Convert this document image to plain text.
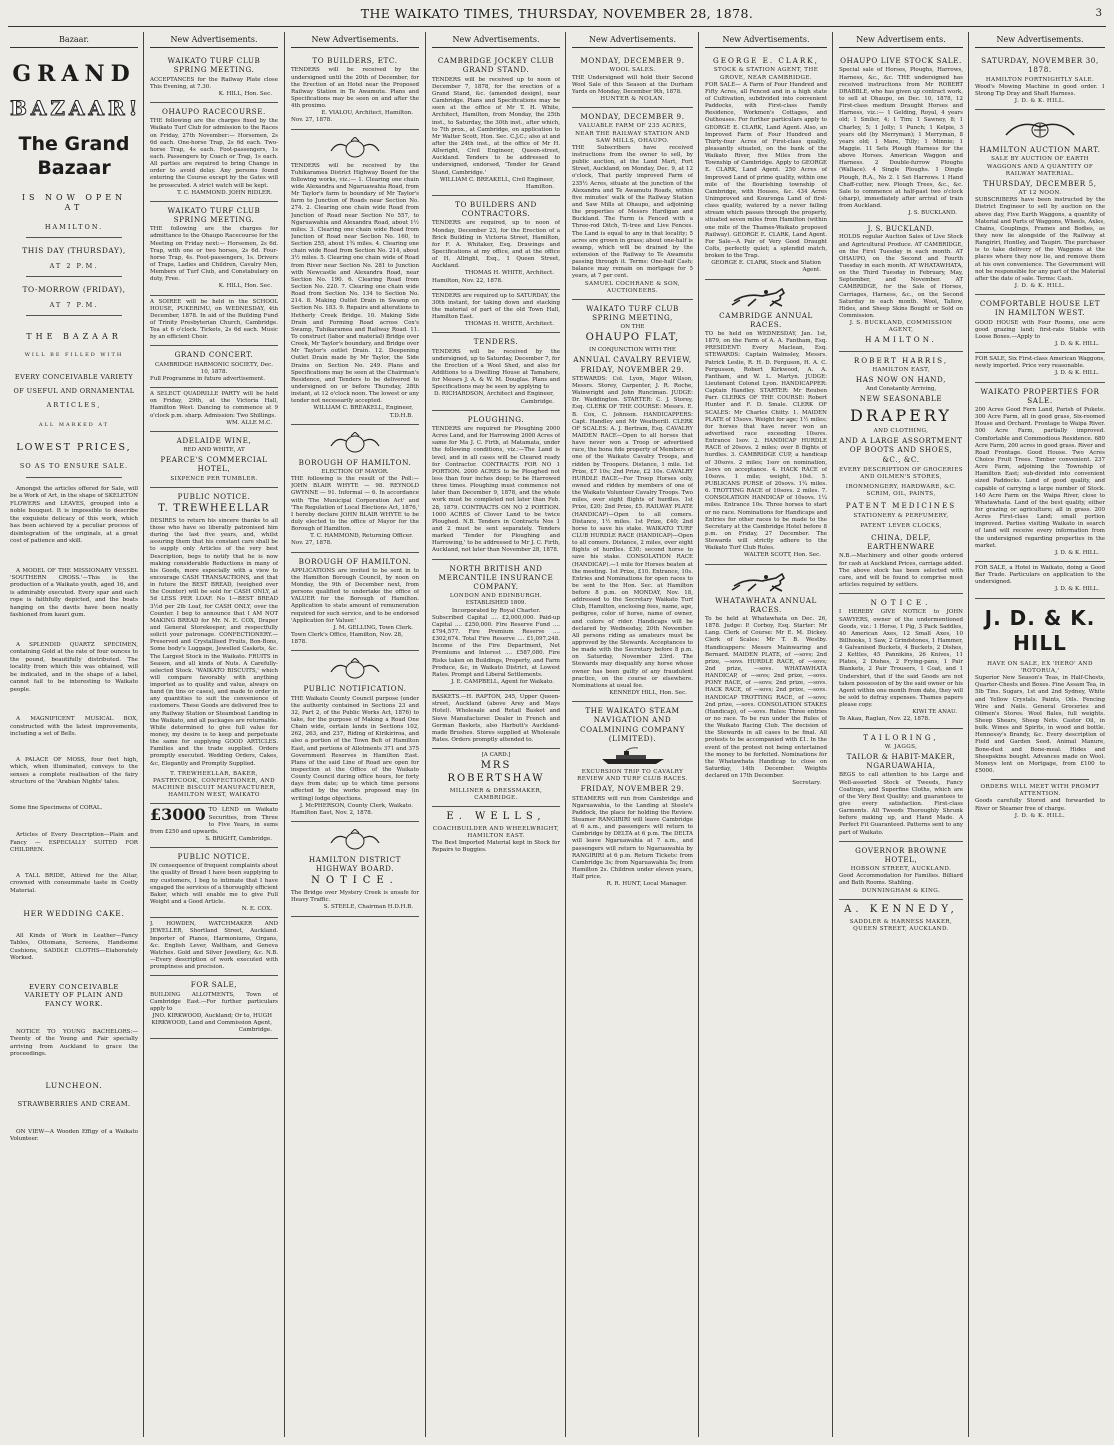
THE WAIKATO TIMES, THURSDAY, NOVEMBER 28, 1878.	3
Bazaar.
GRAND
BAZAAR!
The Grand Bazaar
IS NOW OPEN AT
HAMILTON.
THIS DAY (THURSDAY),
AT 2 P.M.
TO-MORROW (FRIDAY),
AT 7 P.M.
THE BAZAAR
WILL BE FILLED WITH
EVERY CONCEIVABLE VARIETY
OF USEFUL AND ORNAMENTAL
ARTICLES,
ALL MARKED AT
LOWEST PRICES,
SO AS TO ENSURE SALE.
Amongst the articles offered for Sale, will be a Work of Art, in the shape of SKELETON FLOWERS and LEAVES, grouped into a noble bouquet. It is impossible to describe the exquisite delicacy of this work, which has been achieved by a peculiar process of disintegration of the originals, at a great cost of patience and skill.
A MODEL OF THE MISSIONARY VESSEL 'SOUTHERN CROSS.'—This is the production of a Waikato youth, aged 16, and is admirably executed. Every spar and each rope is faithfully depicted, and the boats hanging on the davits have been neatly fashioned from kauri gum.
A SPLENDID QUARTZ SPECIMEN, containing Gold at the rate of four ounces to the pound, beautifully distributed. The locality from which this was obtained, will be indicated, and in the shape of a label, cannot fail to be interesting to Waikato people.
A MAGNIFICENT MUSICAL BOX, constructed with the latest improvements, including a set of Bells.
A PALACE OF MOSS, four feet high, which, when illuminated, conveys to the senses a complete realisation of the fairy structure of the 'Arabian Nights' tales.
Some fine Specimens of CORAL.
Articles of Every Description—Plain and Fancy — ESPECIALLY SUITED FOR CHILDREN.
A TALL BRIDE, Attired for the Altar, crowned with consummate taste in Costly Material.
HER WEDDING CAKE.
All Kinds of Work in Leather—Fancy Tables, Ottomans, Screens, Handsome Cushions, SADDLE CLOTHS—Elaborately Worked.
EVERY CONCEIVABLE VARIETY OF PLAIN AND FANCY WORK.
NOTICE TO YOUNG BACHELORS:—Twenty of the Young and Fair specially arriving from Auckland to grace the proceedings.
LUNCHEON.
STRAWBERRIES AND CREAM.
ON VIEW—A Wooden Effigy of a Waikato Volunteer.
New Advertisements.
WAIKATO TURF CLUB SPRING MEETING.
ACCEPTANCES for the Railway Plate close This Evening, at 7.30.
K. HILL, Hon. Sec.
OHAUPO RACECOURSE.
THE following are the charges fixed by the Waikato Turf Club for admission to the Races on Friday, 27th November:— Horsemen, 2s 6d each. One-horse Trap, 2s 6d each. Two-horse Trap, 4s each. Foot-passengers, 1s each. Passengers by Coach or Trap, 1s each. All parties are required to bring Change in order to avoid delay. Any persons found entering the Course except by the Gates will be prosecuted. A strict watch will be kept.
T. C. HAMMOND. JOHN RIDLER.
WAIKATO TURF CLUB SPRING MEETING.
THE following are the charges for admittance to the Ohaupo Racecourse for the Meeting on Friday next:— Horsemen, 2s 6d. Trap, with one or two horses, 2s 6d. Four-horse Trap, 4s. Foot-passengers, 1s. Drivers of Traps, Ladies and Children, Cavalry Men, Members of Turf Club, and Constabulary on duty, Free.
K. HILL, Hon. Sec.
A SOIREE will be held in the SCHOOL HOUSE, PUKERIMU, on WEDNESDAY, 4th December, 1878. In aid of the Building Fund of Trinity Presbyterian Church, Cambridge. Tea at 6 o'clock. Tickets, 2s 6d each. Music by an efficient Choir.
GRAND CONCERT.
CAMBRIDGE HARMONIC SOCIETY, Dec. 10, 1878.
Full Programme in future advertisement.
A SELECT QUADRILLE PARTY will be held on Friday, 29th, at the Victoria Hall, Hamilton West. Dancing to commence at 9 o'clock p.m. sharp. Admission: Two Shillings.
WM. ALLE M.C.
ADELAIDE WINE,
RED AND WHITE, AT
PEARCE'S COMMERCIAL HOTEL,
SIXPENCE PER TUMBLER.
PUBLIC NOTICE.
T. TREWHEELLAR
DESIRES to return his sincere thanks to all those who have so liberally patronised him during the last five years, and, whilst assuring them that his constant care shall be to supply only Articles of the very best Description, begs to notify that he is now making considerable Reductions in many of his Goods, more especially with a view to encourage CASH TRANSACTIONS, and that in future the BEST BREAD, (weighed over the Counter) will be sold for CASH ONLY, at 5d LESS PER LOAF. No 1—BEST BREAD 3½d per 2lb Loaf, for CASH ONLY, over the Counter. I beg to announce that I AM NOT MAKING BREAD for Mr. N. E. COX, Draper and General Storekeeper, and respectfully solicit your patronage. CONFECTIONERY.—Preserved and Crystallised Fruits, Bon-Bons, Some body's Luggage, Jewelled Caskets, &c. The Largest Stock in the Waikato. FRUITS in Season, and all kinds of Nuts. A Carefully-selected Stock. 'WAIKATO BISCUITS,' which will compare favorably with anything imported as to quality and value, always on hand (in tins or cases), and made to order in any quantities to suit the convenience of customers. These Goods are delivered free to any Railway Station or Steamboat Landing in the Waikato, and all packages are returnable. While determined to give full value for money, my desire is to keep and perpetuate the same for supplying GOOD ARTICLES. Families and the trade supplied. Orders promptly executed. Wedding Orders, Cakes, &c, Elegantly and Promptly Supplied.
T. TREWHEELLAR, BAKER, PASTRYCOOK, CONFECTIONER, AND MACHINE BISCUIT MANUFACTURER,
HAMILTON WEST, WAIKATO
£3000 TO LEND on Waikato Securities, from Three to Five Years, in sums from £250 and upwards.
S. BRIGHT, Cambridge.
PUBLIC NOTICE.
IN consequence of frequent complaints about the quality of Bread I have been supplying to my customers, I beg to intimate that I have engaged the services of a thoroughly efficient Baker, which will enable me to give Full Weight and a Good Article.
N. E. COX.
J. HOWDEN, WATCHMAKER AND JEWELLER, Shortland Street, Auckland. Importer of Pianos, Harmoniums, Organs, &c. English Lever, Waltham, and Geneva Watches. Gold and Silver Jewellery, &c. N.B.—Every description of work executed with promptness and precision.
FOR SALE,
BUILDING ALLOTMENTS, Town of Cambridge East.—For further particulars apply to
JNO. KIRKWOOD, Auckland; Or to, HUGH KIRKWOOD, Land and Commission Agent, Cambridge.
New Advertisements.
TO BUILDERS, ETC.
TENDERS will be received by the undersigned until the 20th of December, for the Erection of an Hotel near the Proposed Railway Station in Te Awamutu. Plans and Specifications may be seen on and after the 4th proximo.
E. VIALOU, Architect, Hamilton.
Nov. 27, 1878.
TENDERS will be received by the Tuhikaramea District Highway Board for the following works, viz.:— 1. Clearing one chain wide Alexandra and Ngaruawahia Road, from Mr Taylor's farm to boundary of Mr Taylor's farm to Junction of Roads near Section No. 274. 2. Clearing one chain wide Road from Junction of Road near Section No 557, to Ngaruawahia and Alexandra Road, about 1½ miles. 3. Clearing one chain wide Road from Junction of Road near Section No. 160, to Section 255, about 1¾ miles. 4. Clearing one chain wide Road from Section No. 214, about 3½ miles. 5. Clearing one chain wide of Road from River near Section No. 281 to Junction with Newcastle and Alexandra Road, near Section No. 190. 6. Clearing Road from Section No. 220. 7. Clearing one chain wide Road from Section No. 134 to Section No. 214. 8. Making Outlet Drain in Swamp on Section No. 183. 9. Repairs and alterations to Hetherly Creek Bridge. 10. Making Side Drain and Forming Road across Cox's Swamp, Tuhikaramea and Railway Road. 11. To construct (labor and material) Bridge over Creek, Mr Taylor's boundary, and Bridge over Mr Taylor's outlet Drain. 12. Deepening Outlet Drain made by Mr Taylor, the Side Drains on Section No. 249. Plans and Specifications may be seen at the Chairman's Residence, and Tenders to be delivered to undersigned on or before Thursday, 28th instant, at 12 o'clock noon. The lowest or any tender not necessarily accepted.
WILLIAM C. BREAKELL, Engineer, T.D.H.B.
BOROUGH OF HAMILTON.
ELECTION OF MAYOR.
THE following is the result of the Poll:— JOHN BLAIR WHYTE — 98. REYNOLD GWYNNE — 91. Informal — 6. In accordance with 'The Municipal Corporation Act' and 'The Regulation of Local Elections Act, 1876,' I hereby declare JOHN BLAIR WHYTE to be duly elected to the office of Mayor for the Borough of Hamilton.
T. C. HAMMOND, Returning Officer.
Nov. 27, 1878.
BOROUGH OF HAMILTON.
APPLICATIONS are invited to be sent in to the Hamilton Borough Council, by noon on Monday, the 9th of December next, from persons qualified to undertake the office of VALUER for the Borough of Hamilton. Application to state amount of remuneration required for such service, and to be endorsed 'Application for Valuer.'
J. M. GELLING, Town Clerk.
Town Clerk's Office, Hamilton, Nov. 28, 1878.
PUBLIC NOTIFICATION.
THE Waikato County Council purpose (under the authority contained in Sections 23 and 32, Part 2, of the Public Works Act, 1876) to take, for the purpose of Making a Road One Chain wide, certain lands in Sections 102, 262, 263, and 237, Riding of Kirikiriroa, and also a portion of the Town Belt of Hamilton East, and portions of Allotments 371 and 375 Government Reserves in Hamilton East. Plans of the said Line of Road are open for inspection at the Office of the Waikato County Council during office hours, for forty days from date; up to which time persons affected by the works proposed may (in writing) lodge objections.
J. McPHERSON, County Clerk, Waikato.
Hamilton East, Nov. 2, 1878.
HAMILTON DISTRICT HIGHWAY BOARD.
NOTICE.
The Bridge over Mystery Creek is unsafe for Heavy Traffic.
S. STEELE, Chairman H.D.H.B.
New Advertisements.
CAMBRIDGE JOCKEY CLUB GRAND STAND.
TENDERS will be received up to noon of December 7, 1878, for the erection of a Grand Stand, &c. (amended design), near Cambridge. Plans and Specifications may be seen at the office of Mr T. H. White, Architect, Hamilton, from Monday, the 25th inst., to Saturday, the 30th inst., after which, to 7th prox., at Cambridge, on application to Mr Walter Scott, Hon. Sec. C.J.C.; also at and after the 24th inst., at the office of Mr H. Allwright, Civil Engineer, Queen-street, Auckland. Tenders to be addressed to undersigned, endorsed, 'Tender for Grand Stand, Cambridge.'
WILLIAM C. BREAKELL, Civil Engineer, Hamilton.
TO BUILDERS AND CONTRACTORS.
TENDERS are required, up to noon of Monday, December 23, for the Erection of a Brick Building in Victoria Street, Hamilton, for F. A. Whitaker, Esq. Drawings and Specifications at my office, and at the office of H. Allright, Esq., 1 Queen Street, Auckland.
THOMAS H. WHITE, Architect.
Hamilton, Nov. 22, 1878.
TENDERS are required up to SATURDAY, the 30th instant, for taking down and stacking the material of part of the old Town Hall, Hamilton East.
THOMAS H. WHITE, Architect.
TENDERS.
TENDERS will be received by the undersigned, up to Saturday, December 7, for the Erection of a Wool Shed, and also for Additions to a Dwelling House at Tamahere, for Messrs J. A. & W. M. Douglas. Plans and Specifications may be seen by applying to
D. RICHARDSON, Architect and Engineer, Cambridge.
PLOUGHING.
TENDERS are required for Ploughing 2000 Acres Land, and for Harrowing 2000 Acres of same for Ma J. C. Firth, at Matamata, under the following conditions, viz.:—The Land is level, and in all cases will be Cleared ready for Contractor. CONTRACTS FOR NO 1 PORTION. 2000 ACRES to be Ploughed not less than four inches deep; to be Harrowed three times. Ploughing must commence not later than December 9, 1878, and the whole work must be completed not later than Feb. 28, 1879. CONTRACTS ON NO 2 PORTION. 1000 ACRES of Clover Land to be twice Ploughed. N.B. Tenders in Contracts Nos 1 and 2 must be sent separately. Tenders marked 'Tender for Ploughing and Harrowing,' to be addressed to Mr J. C. Firth, Auckland, not later than November 28, 1878.
NORTH BRITISH AND MERCANTILE INSURANCE COMPANY.
LONDON AND EDINBURGH.
ESTABLISHED 1809.
Incorporated by Royal Charter.
Subscribed Capital .... £2,000,000. Paid-up Capital .... £250,000. Fire Reserve Fund .... £794,577. Fire Premium Reserve .... £302,674. Total Fire Reserve .... £1,097,248. Income of the Fire Department, Net Premiums and Interest .... £587,080. Fire Risks taken on Buildings, Property, and Farm Produce, &c, in Waikato District, at Lowest Rates. Prompt and Liberal Settlements.
J. E. CAMPBELL, Agent for Waikato.
BASKETS.—H. RAPTON, 245, Upper Queen-street, Auckland (above Arey and Mays Hotel). Wholesale and Retail Basket and Sieve Manufacturer. Dealer in French and German Baskets, also Harbutt's Auckland-made Brushes. Stores supplied at Wholesale Rates. Orders promptly attended to.
[A CARD.]
MRS ROBERTSHAW
MILLINER & DRESSMAKER,
CAMBRIDGE.
E. WELLS,
COACHBUILDER AND WHEELWRIGHT,
HAMILTON EAST.
The Best Imported Material kept in Stock for Repairs to Buggies.
New Advertisements.
MONDAY, DECEMBER 9.
WOOL SALES.
THE Undersigned will hold their Second Wool Sale of this Season at the Durham Yards on Monday, December 9th, 1878.
HUNTER & NOLAN.
MONDAY, DECEMBER 9.
VALUABLE FARM OF 235 ACRES, NEAR THE RAILWAY STATION AND SAW MILLS, OHAUPO.
THE Subscribers have received instructions from the owner to sell, by public auction, at the Land Mart, Fort Street, Auckland, on Monday, Dec. 9, at 12 o'clock, That partly improved Farm of 235½ Acres, situate at the junction of the Alexandra and Te Awamutu Roads, within five minutes' walk of the Railway Station and Saw Mills at Ohaupo, and adjoining the properties of Messrs Hardigan and Buckland. The Farm is Fenced with a Three-rod Ditch, Ti-tree and Live Fences. The Land is equal to any in that locality; 5 acres are grown in grass; about one-half is swamp, which will be drained by the extension of the Railway to Te Awamutu passing through it. Terms: One-half Cash; balance may remain on mortgage for 5 years, at 7 per cent.
SAMUEL COCHRANE & SON, AUCTIONEERS.
WAIKATO TURF CLUB SPRING MEETING,
ON THE
OHAUPO FLAT,
IN CONJUNCTION WITH THE
ANNUAL CAVALRY REVIEW, FRIDAY, NOVEMBER 29.
STEWARDS: Col. Lyon, Major Wilson, Messrs. Storey, Carpenter, J. R. Roche, Wainwright and John Runciman. JUDGE: Dr. Waddington. STARTER: C. J. Storey, Esq. CLERK OF THE COURSE: Messrs. E. B. Cox, C. Johnson. HANDICAPPERS: Capt. Handley and Mr Weatherill. CLERK OF SCALES: A. J. Bertram, Esq. CAVALRY MAIDEN RACE—Open to all horses that have never won a Troop or advertised race, the bona fide property of Members of one of the Waikato Cavalry Troops, and ridden by Troopers. Distance, 1 mile. 1st Prize, £7 10s; 2nd Prize, £2 10s. CAVALRY HURDLE RACE—For Troop Horses only, owned and ridden by members of one of the Waikato Volunteer Cavalry Troops. Two miles, over eight flights of hurdles. 1st Prize, £20; 2nd Prize, £5. RAILWAY PLATE (HANDICAP)—Open to all comers. Distance, 1½ miles. 1st Prize, £40; 2nd horse to save his stake. WAIKATO TURF CLUB HURDLE RACE (HANDICAP)—Open to all comers. Distance, 2 miles, over eight flights of hurdles. £30; second horse to save his stake. CONSOLATION RACE (HANDICAP).—1 mile for Horses beaten at the meeting. 1st Prize, £10. Entrance, 10s. Entries and Nominations for open races to be sent to the Hon. Sec. at Hamilton before 8 p.m. on MONDAY, Nov. 18, addressed to the Secretary Waikato Turf Club, Hamilton, enclosing fees, name, age, pedigree, color of horse, name of owner, and colors of rider. Handicaps will be declared by Wednesday, 20th November. All persons riding as amateurs must be approved by the Stewards. Acceptances to be made with the Secretary before 8 p.m. on Saturday, November 23rd. The Stewards may disqualify any horse whose owner has been guilty of any fraudulent practice, on the course or elsewhere. Nominations at usual fee.
KENNEDY HILL, Hon. Sec.
THE WAIKATO STEAM NAVIGATION AND COALMINING COMPANY (LIMITED).
EXCURSION TRIP TO CAVALRY REVIEW AND TURF CLUB RACES.
FRIDAY, NOVEMBER 29.
STEAMERS will run from Cambridge and Ngaruawahia, to the Landing at Steele's Paddock, the place for holding the Review. Steamer RANGIRIRI will leave Cambridge at 6 a.m., and passengers will return to Cambridge by DELTA at 6 p.m. The DELTA will leave Ngaruawahia at 7 a.m., and passengers will return to Ngaruawahia by RANGIRIRI at 6 p.m. Return Tickets: from Cambridge 3s; from Ngaruawahia 5s; from Hamilton 2s. Children under eleven years, Half price.
R. R. HUNT, Local Manager.
New Advertisements.
GEORGE E. CLARK,
STOCK & STATION AGENT, THE GROVE, NEAR CAMBRIDGE.
FOR SALE— A Farm of Four Hundred and Fifty Acres, all Fenced and in a high state of Cultivation, subdivided into convenient Paddocks, with First-class Family Residence, Workmen's Cottages, and Outhouses. For further particulars apply to GEORGE E. CLARK, Land Agent. Also, an Improved Farm of Four Hundred and Thirty-four Acres of First-class quality, pleasantly situated, on the bank of the Waikato River, five Miles from the Township of Cambridge. Apply to GEORGE E. CLARK, Land Agent. 250 Acres of Improved Land of prime quality, within one mile of the flourishing township of Cambridge, with Houses, &c. 434 Acres Unimproved and Kourenga Land of first-class quality, watered by a never failing stream which passes through the property, situated seven miles from Hamilton (within one mile of the Thames-Waikato proposed Railway). GEORGE E. CLARK, Land Agent. For Sale—A Pair of Very Good Draught Colts, perfectly quiet; a splendid match, broken to the Trap.
GEORGE E. CLARK, Stock and Station Agent.
CAMBRIDGE ANNUAL RACES.
TO be held on WEDNESDAY, Jan. 1st, 1879, on the Farm of A. A. Fantham, Esq. PRESIDENT: Every Maclean, Esq. STEWARDS: Captain Walmsley, Messrs. Patrick Leslie, R. H. D. Ferguson, H. A. C. Fergusson, Robert Kirkwood, A. A. Fantham, and W. L. Martyn. JUDGE: Lieutenant Colonel Lyon. HANDICAPPER: Captain Handley. STARTER: Mr Reuben Parr. CLERKS OF THE COURSE: Robert Hunter and F. D. Smale. CLERK OF SCALES: Mr Charles Chitty. 1. MAIDEN PLATE of 15sovs. Weight for age; 1½ miles; for horses that have never won an advertised race exceeding 10sovs. Entrance 1sov. 2. HANDICAP HURDLE RACE of 20sovs. 2 miles; over 8 flights of hurdles. 3. CAMBRIDGE CUP, a handicap of 30sovs. 2 miles; 1sov on nomination, 2sovs on acceptance. 4. HACK RACE of 10sovs. 1 mile; weight, 10st. 5. PUBLICANS PURSE of 20sovs. 1¼ miles. 6. TROTTING RACE of 10sovs. 2 miles. 7. CONSOLATION HANDICAP of 10sovs. 1¼ miles. Entrance 10s. Three horses to start or no race. Nominations for Handicaps and Entries for other races to be made to the Secretary at the Cambridge Hotel before 8 p.m. on Friday, 27 December. The Stewards will strictly adhere to the Waikato Turf Club Rules.
WALTER SCOTT, Hon. Sec.
WHATAWHATA ANNUAL RACES.
To be held at Whatawhata on Dec. 26, 1878. Judge: P. Corboy, Esq. Starter: Mr Lang. Clerk of Course: Mr E. M. Dickey. Clerk of Scales: Mr T. B. Westby. Handicappers: Messrs Mainwaring and Bernard. MAIDEN PLATE, of —sovs; 2nd prize, —sovs. HURDLE RACE, of —sovs; 2nd prize, —sovs. WHATAWHATA HANDICAP, of —sovs; 2nd prize, —sovs. PONY RACE, of —sovs; 2nd prize, —sovs. HACK RACE, of —sovs; 2nd prize, —sovs. HANDICAP TROTTING RACE, of —sovs; 2nd prize, —sovs. CONSOLATION STAKES (Handicap), of —sovs. Rules: Three entries or no race. To be run under the Rules of the Waikato Racing Club. The decision of the Stewards in all cases to be final. All protests to be accompanied with £1. In the event of the protest not being entertained the money to be forfeited. Nominations for the Whatawhata Handicap to close on Saturday, 14th December. Weights declared on 17th December.
Secretary.
New Advertisem ents.
OHAUPO LIVE STOCK SALE.
Special sale of Horses, Ploughs, Harrows, Harness, &c., &c. THE undersigned has received instructions from Mr ROBERT DRABBLE, who has given up contract work, to sell at Ohaupo, on Dec. 10, 1878, 12 First-class medium Draught Horses and Harness, viz.:— 1 Gelding, Royal, 4 years old; 1 Smiler, 4; 1 Tim; 1 Sawney, 8; 1 Charley, 5; 1 Jolly; 1 Punch; 1 Kelpie, 3 years old (by Merryman); 1 Merryman, 8 years old; 1 Mare, Tilly; 1 Minnie; 1 Maggie. 11 Sets Plough Harness for the above Horses. American Waggon and Harness. 2 Double-furrow Ploughs (Wallace). 4 Single Ploughs. 1 Dingle Plough, R.A., No 2. 1 Set Harrows. 1 Hand Chaff-cutter, new. Plough Trees, &c., &c. Sale to commence at half-past two o'clock (sharp), immediately after arrival of train from Auckland.
J. S. BUCKLAND.
J. S. BUCKLAND.
HOLDS regular Auction Sales of Live Stock and Agricultural Produce. AT CAMBRIDGE, on the First Tuesday in each month. AT OHAUPO, on the Second and Fourth Tuesday in each month. AT WHATAWHATA, on the Third Tuesday in February, May, September, and November. AT CAMBRIDGE, for the Sale of Horses, Carriages, Harness, &c., on the Second Saturday in each month. Wool, Tallow, Hides, and Sheep Skins Bought or Sold on Commission.
J. S. BUCKLAND, COMMISSION AGENT,
HAMILTON.
ROBERT HARRIS,
HAMILTON EAST,
HAS NOW ON HAND,
And Constantly Arriving,
NEW SEASONABLE
DRAPERY
AND CLOTHING,
AND A LARGE ASSORTMENT OF BOOTS AND SHOES, &C., &C.
EVERY DESCRIPTION OF GROCERIES AND OILMEN'S STORES,
IRONMONGERY, HARDWARE, &C. SCRIM, OIL, PAINTS,
PATENT MEDICINES
STATIONERY & PERFUMERY,
PATENT LEVER CLOCKS,
CHINA, DELF, EARTHENWARE
N.B.—Machinery and other goods ordered for cash at Auckland Prices, carriage added. The above stock has been selected with care, and will be found to comprise most articles required by settlers.
NOTICE.
I HEREBY GIVE NOTICE to JOHN SAWYERS, owner of the undermentioned Goods, viz.: 1 Horse, 1 Pig, 3 Pack Saddles, 40 American Axes, 12 Small Axes, 10 Billhooks, 1 Saw, 2 Grindstones, 1 Hammer, 4 Galvanised Buckets, 4 Buckets, 2 Dishes, 2 Kettles, 45 Pannikins, 26 Knives, 11 Plates, 2 Dishes, 2 Frying-pans, 1 Pair Blankets, 2 Pair Trousers, 1 Coat, and 1 Undershirt, that if the said Goods are not taken possession of by the said owner or his Agent within one month from date, they will be sold to defray expenses. Thames papers please copy.
KIWI TE ANAU.
Te Akau, Raglan, Nov. 22, 1878.
TAILORING,
W. JAGGS,
TAILOR & HABIT-MAKER, NGARUAWAHIA,
BEGS to call attention to his Large and Well-assorted Stock of Tweeds, Fancy Coatings, and Superfine Cloths, which are of the Very Best Quality; and guarantees to give every satisfaction. First-class Garments. All Tweeds Thoroughly Shrunk before making up, and Hand Made. A Perfect Fit Guaranteed. Patterns sent to any part of Waikato.
GOVERNOR BROWNE HOTEL,
HOBSON STREET, AUCKLAND.
Good Accommodation for Families. Billiard and Bath Rooms. Stabling.
DUNNINGHAM & KING.
A. KENNEDY,
SADDLER & HARNESS MAKER,
QUEEN STREET, AUCKLAND.
New Advertisements.
SATURDAY, NOVEMBER 30, 1878.
HAMILTON FORTNIGHTLY SALE.
Wood's Mowing Machine in good order. 1 Strong Tip Dray and Shaft Harness.
J. D. & K. HILL.
HAMILTON AUCTION MART.
SALE BY AUCTION OF EARTH WAGGONS AND A QUANTITY OF RAILWAY MATERIAL.
THURSDAY, DECEMBER 5,
AT 12 NOON.
SUBSCRIBERS have been instructed by the District Engineer to sell by auction on the above day, Five Earth Waggons, a quantity of Material and Parts of Waggons, Wheels, Axles, Chains, Couplings, Frames and Bodies, as they now lie alongside of the Railway at Rangiriri, Huntley, and Taupiri. The purchaser is to take delivery of the Waggons at the places where they now lie, and remove them at his own convenience. The Government will not be responsible for any part of the Material after the date of sale. Terms: Cash.
J. D. & K. HILL.
COMFORTABLE HOUSE LET IN HAMILTON WEST.
GOOD HOUSE with Four Rooms, one acre good grazing land; first-rate Stable with Loose Boxes.—Apply to
J. D. & K. HILL.
FOR SALE, Six First-class American Waggons, newly imported. Price very reasonable.
J. D. & K. HILL.
WAIKATO PROPERTIES FOR SALE.
200 Acres Good Fern Land, Parish of Pukete. 300 Acre Farm, all in good grass, Six-roomed House and Orchard. Frontage to Waipa River. 500 Acre Farm, partially improved. Comfortable and Commodious Residence. 680 Acre Farm, 200 acres in good grass. River and Road Frontage. Good House. Two Acres Choice Fruit Trees. Timber convenient. 237 Acre Farm, adjoining the Township of Hamilton East; sub-divided into convenient sized Paddocks. Land of good quality, and capable of carrying a large number of Stock. 140 Acre Farm on the Waipa River, close to Whatawhata. Land of the best quality, either for grazing or agriculture; all in grass. 200 Acres First-class Land; small portion improved. Parties visiting Waikato in search of land will receive every information from the undersigned regarding properties in the market.
J. D. & K. HILL.
FOR SALE, a Hotel in Waikato, doing a Good Bar Trade. Particulars on application to the undersigned.
J. D. & K. HILL.
J. D. & K. HILL
HAVE ON SALE, EX 'HERO' AND 'ROTORUA,'
Superior New Season's Teas, in Half-Chests, Quarter-Chests and Boxes. Fine Assam Tea, in 5lb Tins. Sugars, 1st and 2nd Sydney, White and Yellow Crystals. Paints, Oils. Fencing Wire and Nails. General Groceries and Oilmen's Stores. Wool Bales, full weights. Sheep Shears, Sheep Nets. Castor Oil, in bulk. Wines and Spirits, in wood and bottle. Hennessy's Brandy, &c. Every description of Field and Garden Seed. Animal Manure, Bone-dust and Bone-meal. Hides and Sheepskins bought. Advances made on Wool. Moneys lent on Mortgage, from £100 to £5000.
ORDERS WILL MEET WITH PROMPT ATTENTION.
Goods carefully Stored and forwarded to River or Steamer free of charge.
J. D. & K. HILL.
